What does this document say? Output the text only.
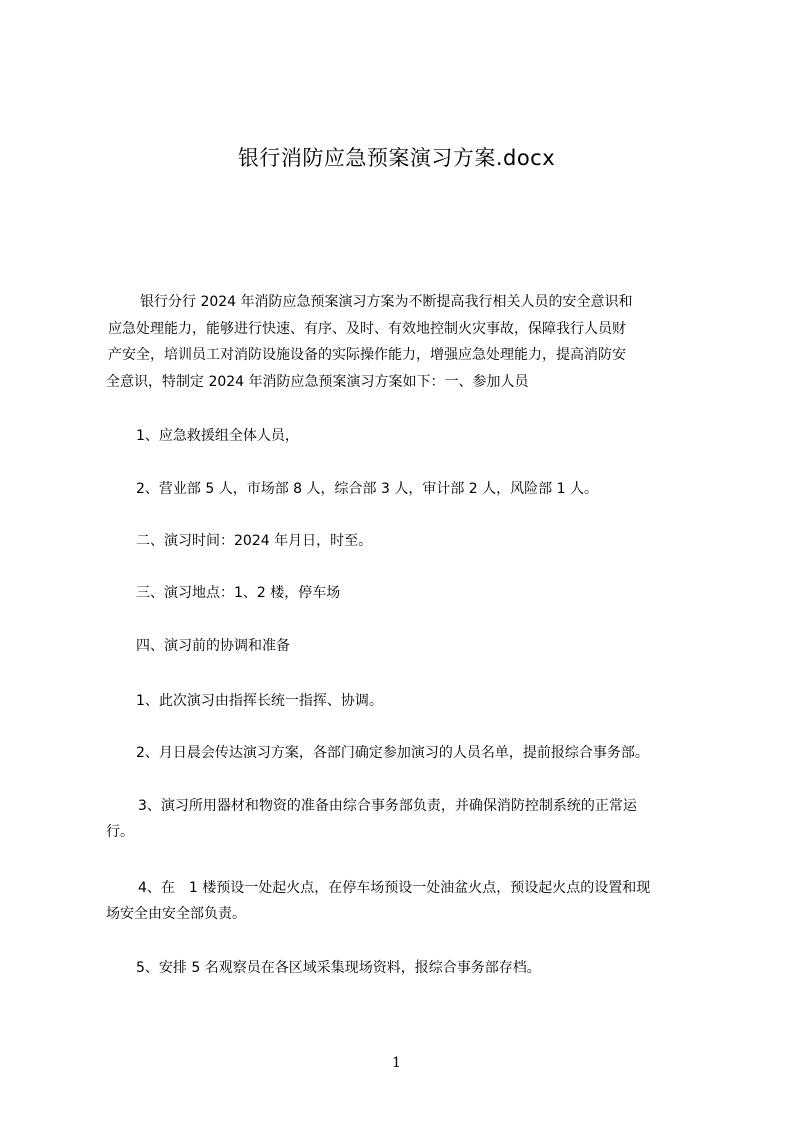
银行消防应急预案演习方案.docx
银行分行 2024 年消防应急预案演习方案为不断提高我行相关人员的安全意识和
应急处理能力，能够进行快速、有序、及时、有效地控制火灾事故，保障我行人员财
产安全，培训员工对消防设施设备的实际操作能力，增强应急处理能力，提高消防安
全意识，特制定 2024 年消防应急预案演习方案如下：一、参加人员
1、应急救援组全体人员，
2、营业部 5 人，市场部 8 人，综合部 3 人，审计部 2 人，风险部 1 人。
二、演习时间：2024 年月日，时至。
三、演习地点：1、2 楼，停车场
四、演习前的协调和准备
1、此次演习由指挥长统一指挥、协调。
2、月日晨会传达演习方案，各部门确定参加演习的人员名单，提前报综合事务部。
3、演习所用器材和物资的准备由综合事务部负责，并确保消防控制系统的正常运
行。
4、在　1 楼预设一处起火点，在停车场预设一处油盆火点，预设起火点的设置和现
场安全由安全部负责。
5、安排 5 名观察员在各区域采集现场资料，报综合事务部存档。
1
